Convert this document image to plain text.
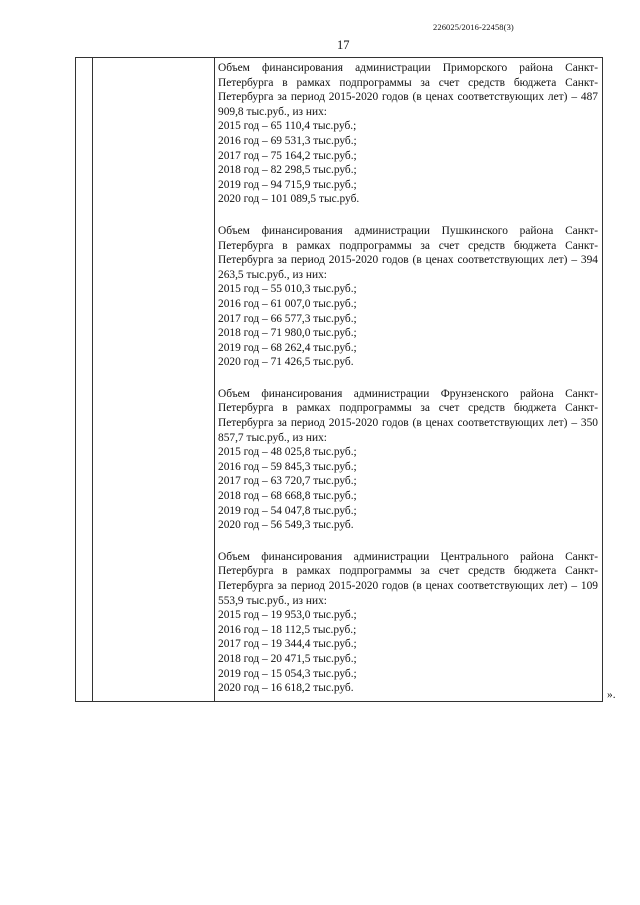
226025/2016-22458(3)
17
Объем финансирования администрации Приморского района Санкт-Петербурга в рамках подпрограммы за счет средств бюджета Санкт-Петербурга за период 2015-2020 годов (в ценах соответствующих лет) – 487 909,8 тыс.руб., из них:
2015 год – 65 110,4 тыс.руб.;
2016 год – 69 531,3 тыс.руб.;
2017 год – 75 164,2 тыс.руб.;
2018 год – 82 298,5 тыс.руб.;
2019 год – 94 715,9 тыс.руб.;
2020 год – 101 089,5 тыс.руб.
Объем финансирования администрации Пушкинского района Санкт-Петербурга в рамках подпрограммы за счет средств бюджета Санкт-Петербурга за период 2015-2020 годов (в ценах соответствующих лет) – 394 263,5 тыс.руб., из них:
2015 год – 55 010,3 тыс.руб.;
2016 год – 61 007,0 тыс.руб.;
2017 год – 66 577,3 тыс.руб.;
2018 год – 71 980,0 тыс.руб.;
2019 год – 68 262,4 тыс.руб.;
2020 год – 71 426,5 тыс.руб.
Объем финансирования администрации Фрунзенского района Санкт-Петербурга в рамках подпрограммы за счет средств бюджета Санкт-Петербурга за период 2015-2020 годов (в ценах соответствующих лет) – 350 857,7 тыс.руб., из них:
2015 год – 48 025,8 тыс.руб.;
2016 год – 59 845,3 тыс.руб.;
2017 год – 63 720,7 тыс.руб.;
2018 год – 68 668,8 тыс.руб.;
2019 год – 54 047,8 тыс.руб.;
2020 год – 56 549,3 тыс.руб.
Объем финансирования администрации Центрального района Санкт-Петербурга в рамках подпрограммы за счет средств бюджета Санкт-Петербурга за период 2015-2020 годов (в ценах соответствующих лет) – 109 553,9 тыс.руб., из них:
2015 год – 19 953,0 тыс.руб.;
2016 год – 18 112,5 тыс.руб.;
2017 год – 19 344,4 тыс.руб.;
2018 год – 20 471,5 тыс.руб.;
2019 год – 15 054,3 тыс.руб.;
2020 год – 16 618,2 тыс.руб.
».
